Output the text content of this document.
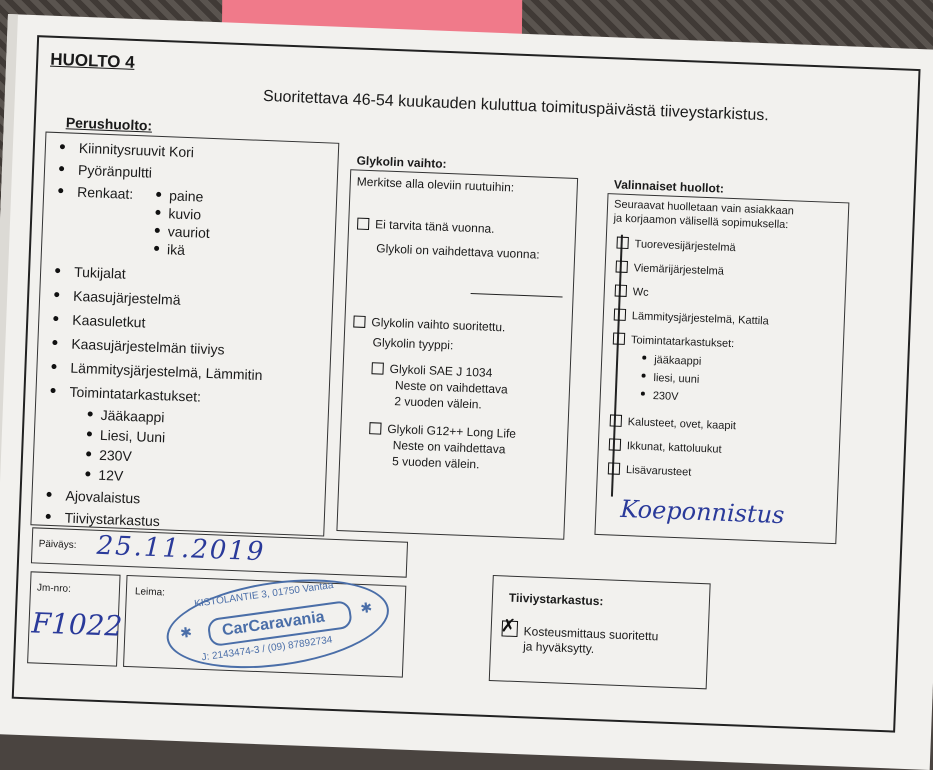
HUOLTO 4
Suoritettava 46-54 kuukauden kuluttua toimituspäivästä tiiveystarkistus.
Perushuolto:
Kiinnitysruuvit Kori
Pyöränpultti
Renkaat:	paine
kuvio
vauriot
ikä
Tukijalat
Kaasujärjestelmä
Kaasuletkut
Kaasujärjestelmän tiiviys
Lämmitysjärjestelmä, Lämmitin
Toimintatarkastukset:
Jääkaappi
Liesi, Uuni
230V
12V
Ajovalaistus
Tiiviystarkastus
Glykolin vaihto:
Merkitse alla oleviin ruutuihin:
Ei tarvita tänä vuonna.
Glykoli on vaihdettava vuonna:
Glykolin vaihto suoritettu.
Glykolin tyyppi:
Glykoli SAE J 1034
Neste on vaihdettava
2 vuoden välein.
Glykoli G12++ Long Life
Neste on vaihdettava
5 vuoden välein.
Valinnaiset huollot:
Seuraavat huolletaan vain asiakkaan
ja korjaamon välisellä sopimuksella:
Tuorevesijärjestelmä
Viemärijärjestelmä
Wc
Lämmitysjärjestelmä, Kattila
Toimintatarkastukset:
jääkaappi
liesi, uuni
230V
Kalusteet, ovet, kaapit
Ikkunat, kattoluukut
Lisävarusteet
Koeponnistus
Päiväys: 25.11.2019
Jm-nro:
F1022
Leima:	KISTOLANTIE 3, 01750 Vantaa
CarCaravania
✱
✱
J: 2143474-3 / (09) 87892734
Tiiviystarkastus:
✗ Kosteusmittaus suoritettu
ja hyväksytty.
